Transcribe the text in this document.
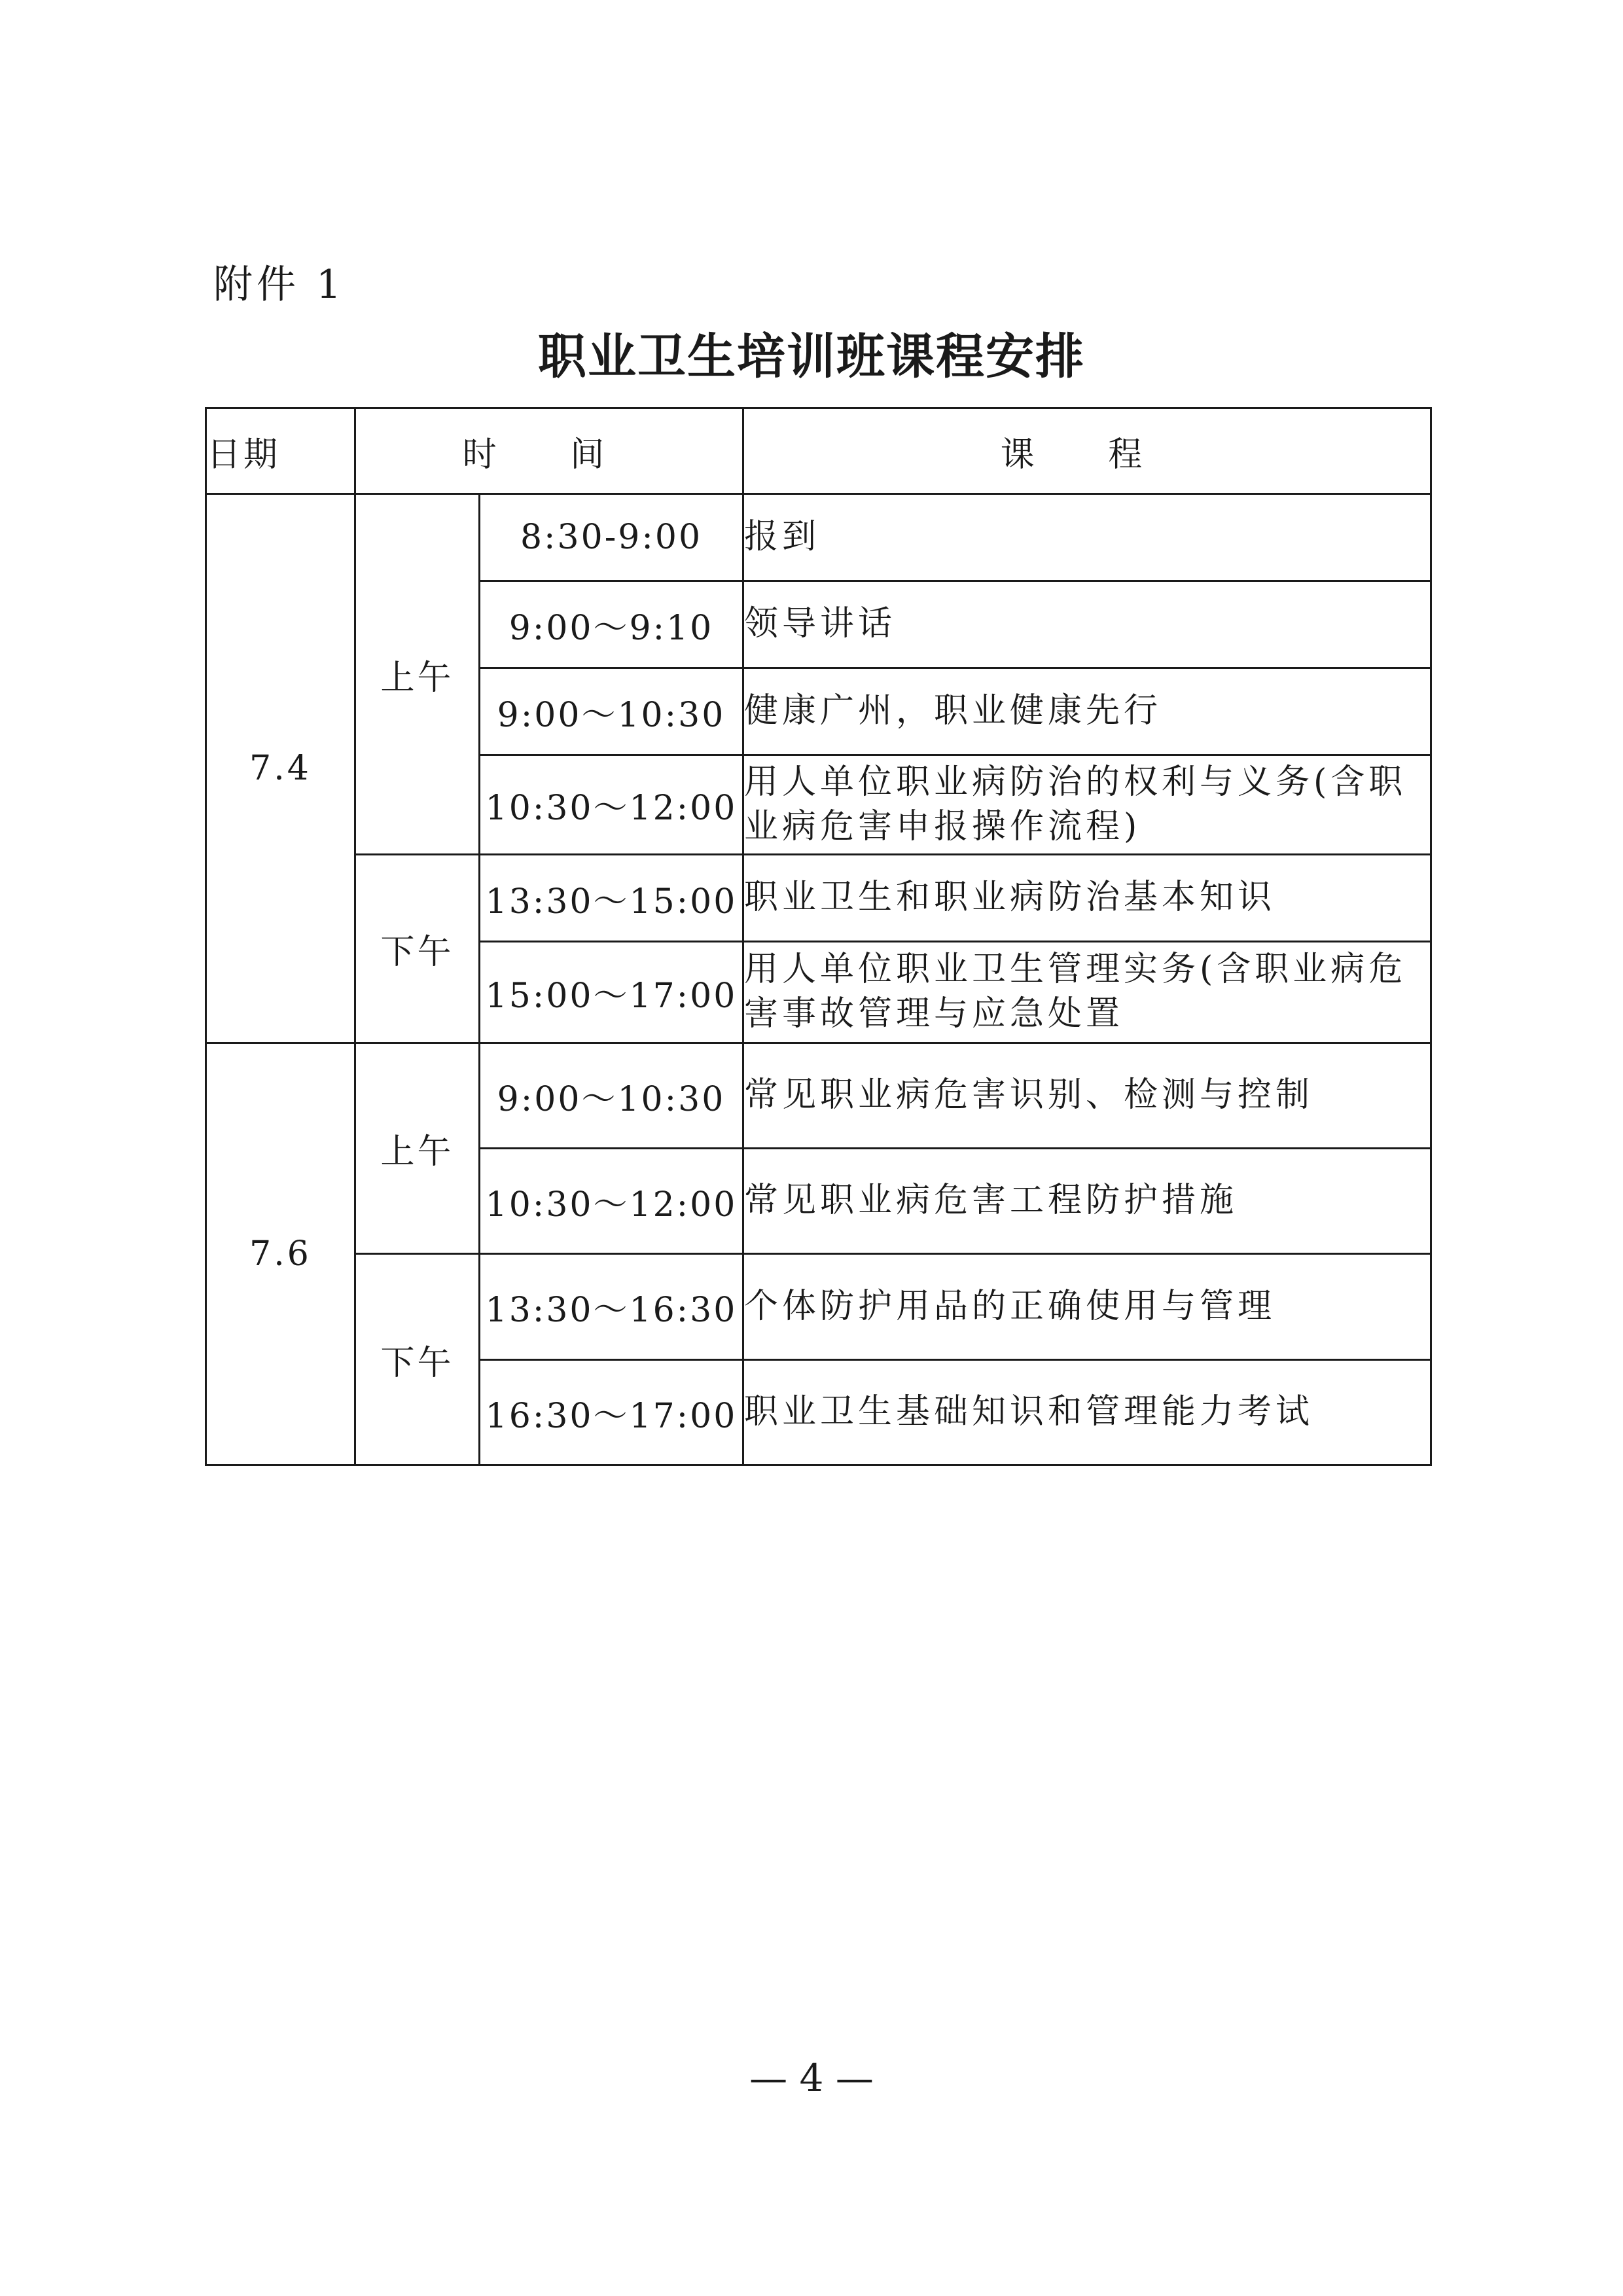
附件 1
职业卫生培训班课程安排
日期	时 间		课 程
7.4	上午	8:30-9:00	报到
		9:00～9:10	领导讲话
		9:00～10:30	健康广州，职业健康先行
		10:30～12:00	用人单位职业病防治的权利与义务(含职业病危害申报操作流程)
	下午	13:30～15:00	职业卫生和职业病防治基本知识
		15:00～17:00	用人单位职业卫生管理实务(含职业病危害事故管理与应急处置
7.6	上午	9:00～10:30	常见职业病危害识别、检测与控制
		10:30～12:00	常见职业病危害工程防护措施
	下午	13:30～16:30	个体防护用品的正确使用与管理
		16:30～17:00	职业卫生基础知识和管理能力考试
— 4 —
